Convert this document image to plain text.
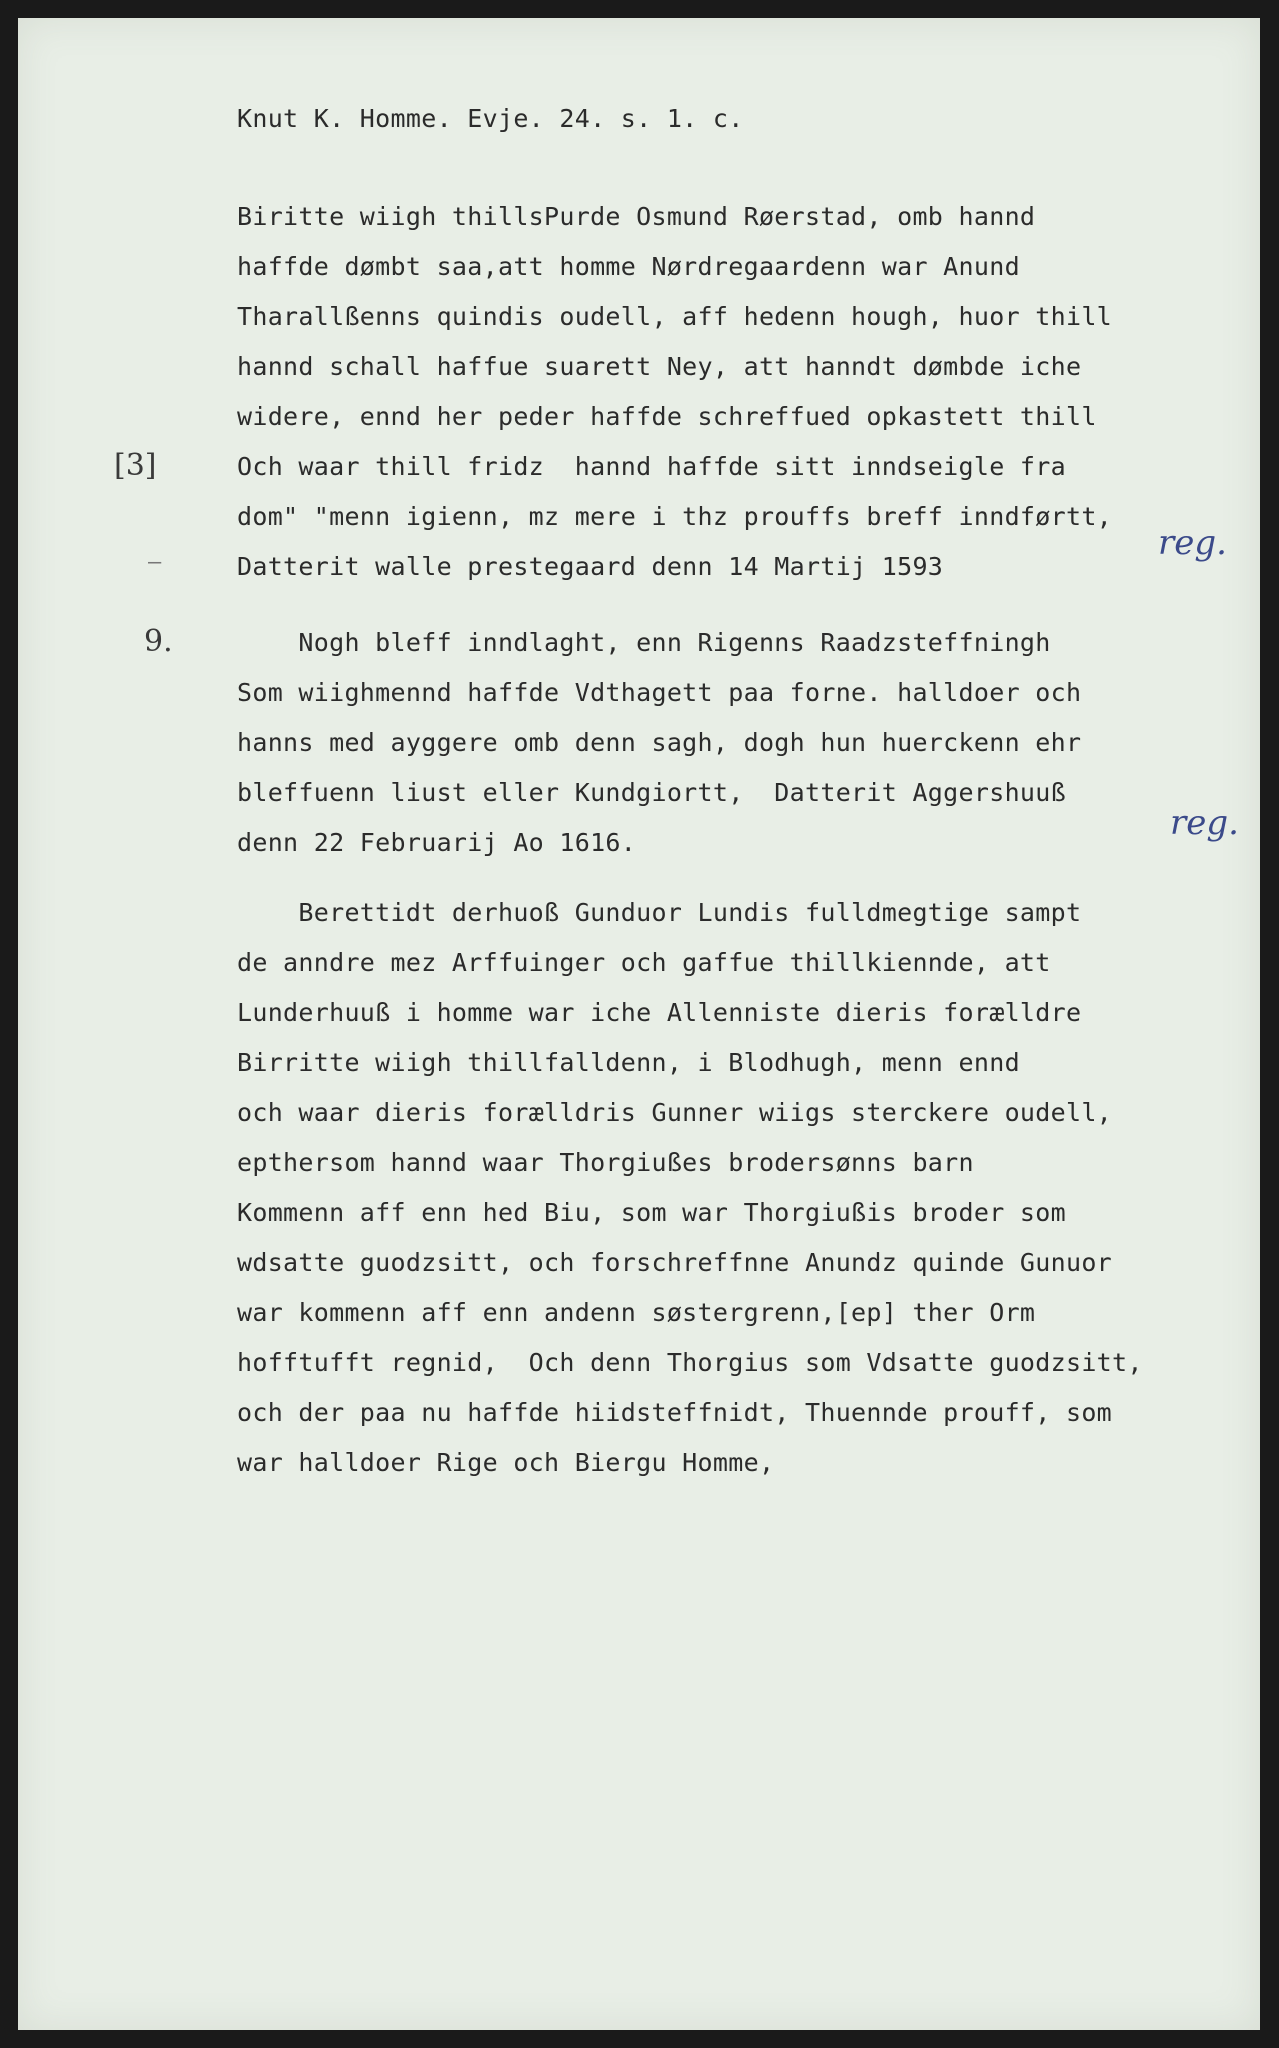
Knut K. Homme. Evje. 24. s. 1. c.
Biritte wiigh thillsPurde Osmund Røerstad, omb hannd
haffde dømbt saa,att homme Nørdregaardenn war Anund
Tharallßenns quindis oudell, aff hedenn hough, huor thill
hannd schall haffue suarett Ney, att hanndt dømbde iche
widere, ennd her peder haffde schreffued opkastett thill
Och waar thill fridz  hannd haffde sitt inndseigle fra
dom" "menn igienn, mz mere i thz prouffs breff inndførtt,
Datterit walle prestegaard denn 14 Martij 1593
[3]
–	reg.
9.	Nogh bleff inndlaght, enn Rigenns Raadzsteffningh
Som wiighmennd haffde Vdthagett paa forne. halldoer och
hanns med ayggere omb denn sagh, dogh hun huerckenn ehr
bleffuenn liust eller Kundgiortt,  Datterit Aggershuuß
denn 22 Februarij Ao 1616.	reg.
Berettidt derhuoß Gunduor Lundis fulldmegtige sampt
de anndre mez Arffuinger och gaffue thillkiennde, att
Lunderhuuß i homme war iche Allenniste dieris forælldre
Birritte wiigh thillfalldenn, i Blodhugh, menn ennd
och waar dieris forælldris Gunner wiigs sterckere oudell,
epthersom hannd waar Thorgiußes brodersønns barn
Kommenn aff enn hed Biu, som war Thorgiußis broder som
wdsatte guodzsitt, och forschreffnne Anundz quinde Gunuor
war kommenn aff enn andenn søstergrenn,[ep] ther Orm
hofftufft regnid,  Och denn Thorgius som Vdsatte guodzsitt,
och der paa nu haffde hiidsteffnidt, Thuennde prouff, som
war halldoer Rige och Biergu Homme,
